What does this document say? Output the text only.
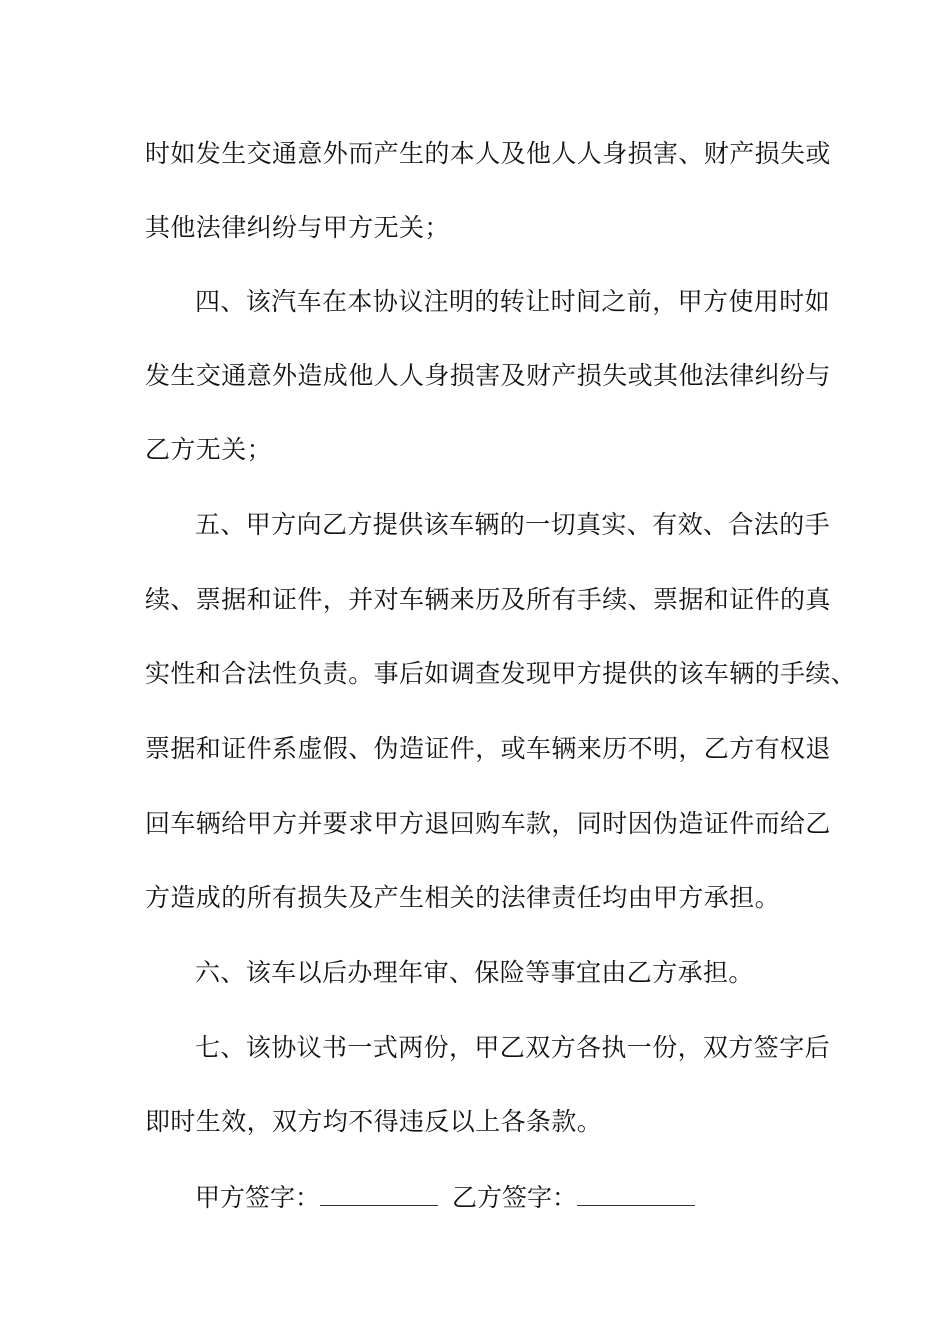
时如发生交通意外而产生的本人及他人人身损害、财产损失或
其他法律纠纷与甲方无关；
四、该汽车在本协议注明的转让时间之前，甲方使用时如
发生交通意外造成他人人身损害及财产损失或其他法律纠纷与
乙方无关；
五、甲方向乙方提供该车辆的一切真实、有效、合法的手
续、票据和证件，并对车辆来历及所有手续、票据和证件的真
实性和合法性负责。事后如调查发现甲方提供的该车辆的手续、
票据和证件系虚假、伪造证件，或车辆来历不明，乙方有权退
回车辆给甲方并要求甲方退回购车款，同时因伪造证件而给乙
方造成的所有损失及产生相关的法律责任均由甲方承担。
六、该车以后办理年审、保险等事宜由乙方承担。
七、该协议书一式两份，甲乙双方各执一份，双方签字后
即时生效，双方均不得违反以上各条款。
甲方签字：	乙方签字：
